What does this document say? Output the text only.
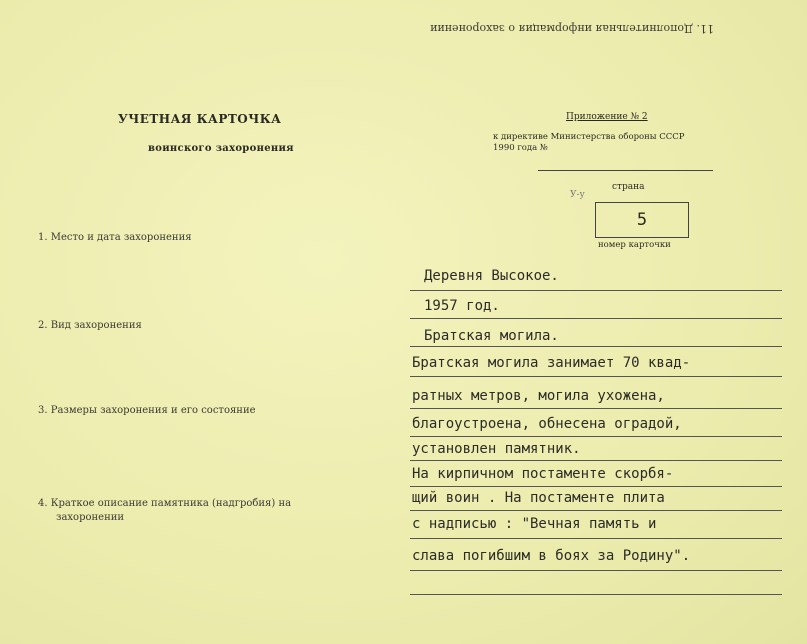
11. Дополнительная информация о захоронении
УЧЕТНАЯ КАРТОЧКА
воинского захоронения
Приложение № 2
к директиве Министерства обороны СССР
1990 года №
У-у
страна
5
номер карточки
1. Место и дата захоронения
2. Вид захоронения
3. Размеры захоронения и его состояние
4. Краткое описание памятника (надгробия) на
захоронении
Деревня Высокое.
1957 год.
Братская могила.
Братская могила занимает 70 квад-
ратных метров, могила ухожена,
благоустроена, обнесена оградой,
установлен памятник.
На кирпичном постаменте скорбя-
щий воин . На постаменте плита
с надписью : "Вечная память и
слава погибшим в боях за Родину".
